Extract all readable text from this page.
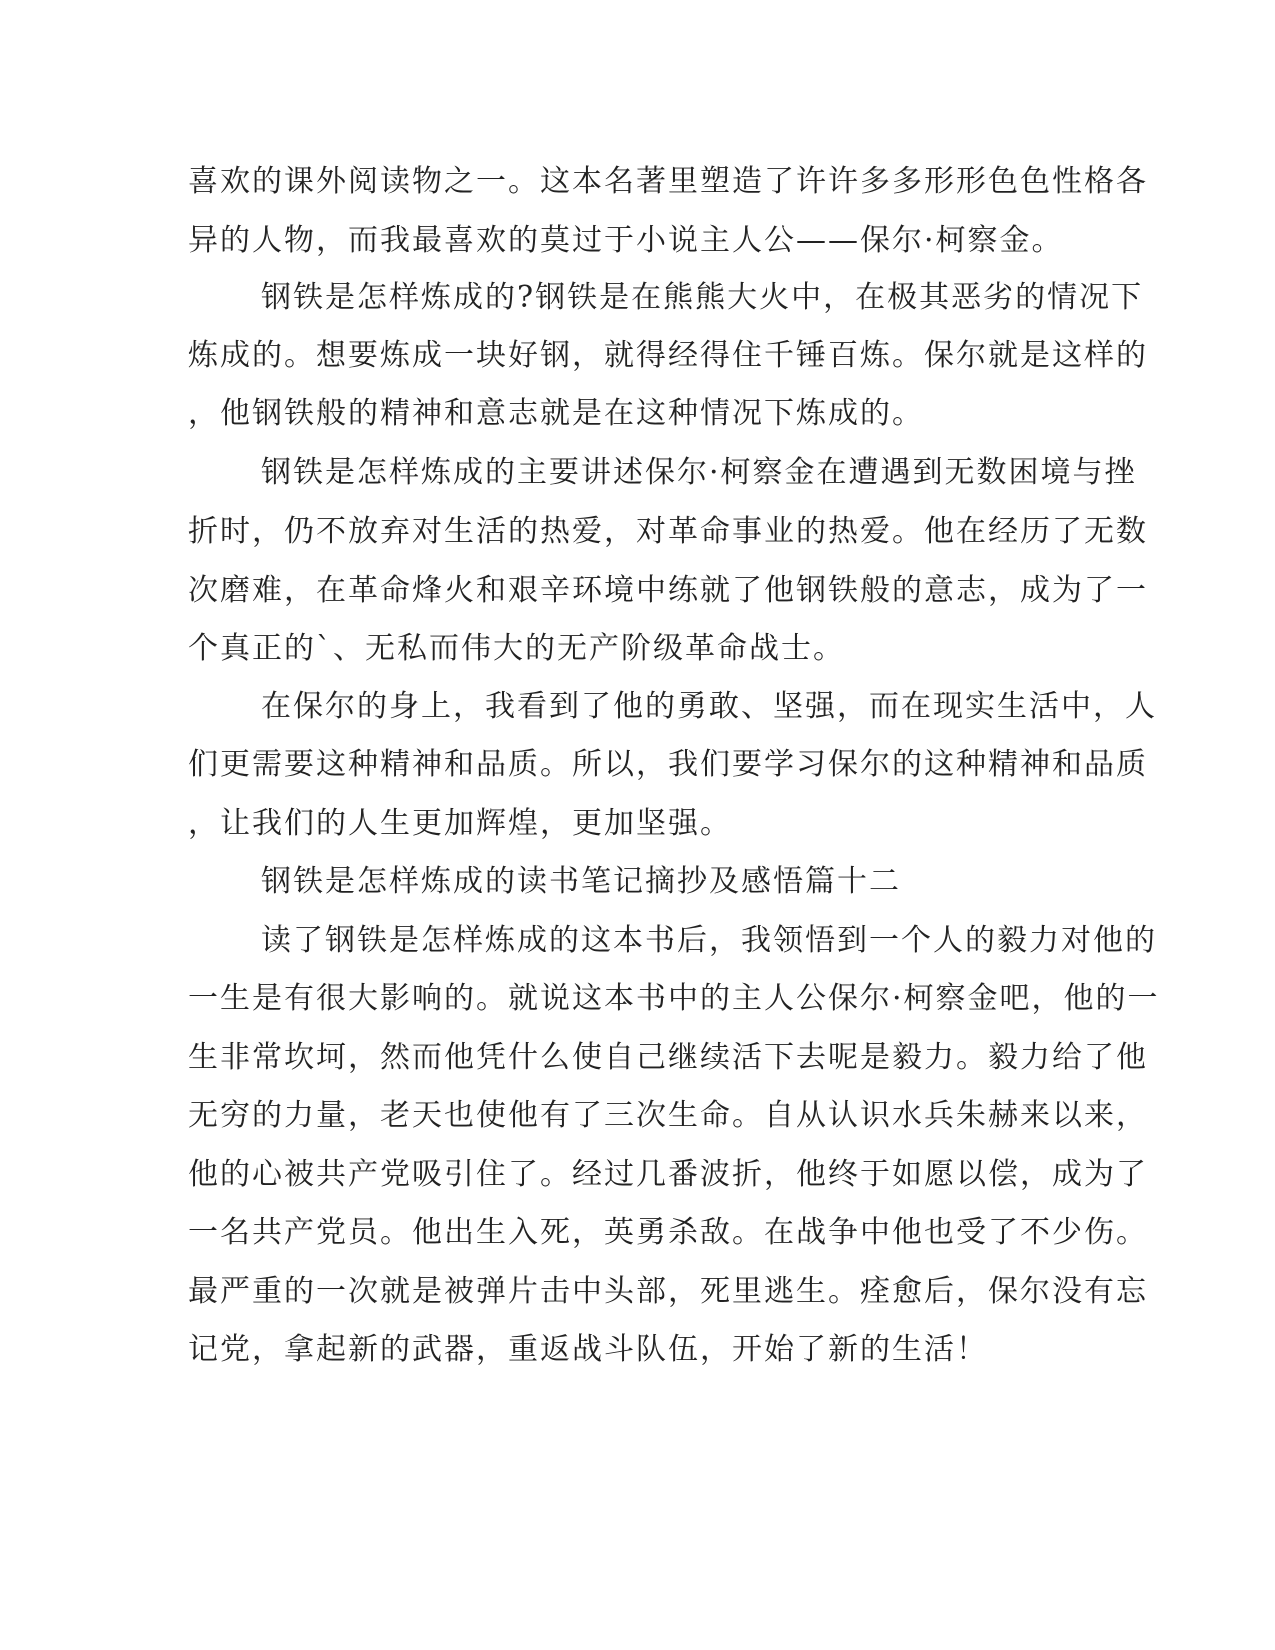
喜欢的课外阅读物之一。这本名著里塑造了许许多多形形色色性格各
异的人物，而我最喜欢的莫过于小说主人公——保尔·柯察金。
钢铁是怎样炼成的?钢铁是在熊熊大火中，在极其恶劣的情况下
炼成的。想要炼成一块好钢，就得经得住千锤百炼。保尔就是这样的
，他钢铁般的精神和意志就是在这种情况下炼成的。
钢铁是怎样炼成的主要讲述保尔·柯察金在遭遇到无数困境与挫
折时，仍不放弃对生活的热爱，对革命事业的热爱。他在经历了无数
次磨难，在革命烽火和艰辛环境中练就了他钢铁般的意志，成为了一
个真正的`、无私而伟大的无产阶级革命战士。
在保尔的身上，我看到了他的勇敢、坚强，而在现实生活中，人
们更需要这种精神和品质。所以，我们要学习保尔的这种精神和品质
，让我们的人生更加辉煌，更加坚强。
钢铁是怎样炼成的读书笔记摘抄及感悟篇十二
读了钢铁是怎样炼成的这本书后，我领悟到一个人的毅力对他的
一生是有很大影响的。就说这本书中的主人公保尔·柯察金吧，他的一
生非常坎坷，然而他凭什么使自己继续活下去呢是毅力。毅力给了他
无穷的力量，老天也使他有了三次生命。自从认识水兵朱赫来以来，
他的心被共产党吸引住了。经过几番波折，他终于如愿以偿，成为了
一名共产党员。他出生入死，英勇杀敌。在战争中他也受了不少伤。
最严重的一次就是被弹片击中头部，死里逃生。痊愈后，保尔没有忘
记党，拿起新的武器，重返战斗队伍，开始了新的生活！
